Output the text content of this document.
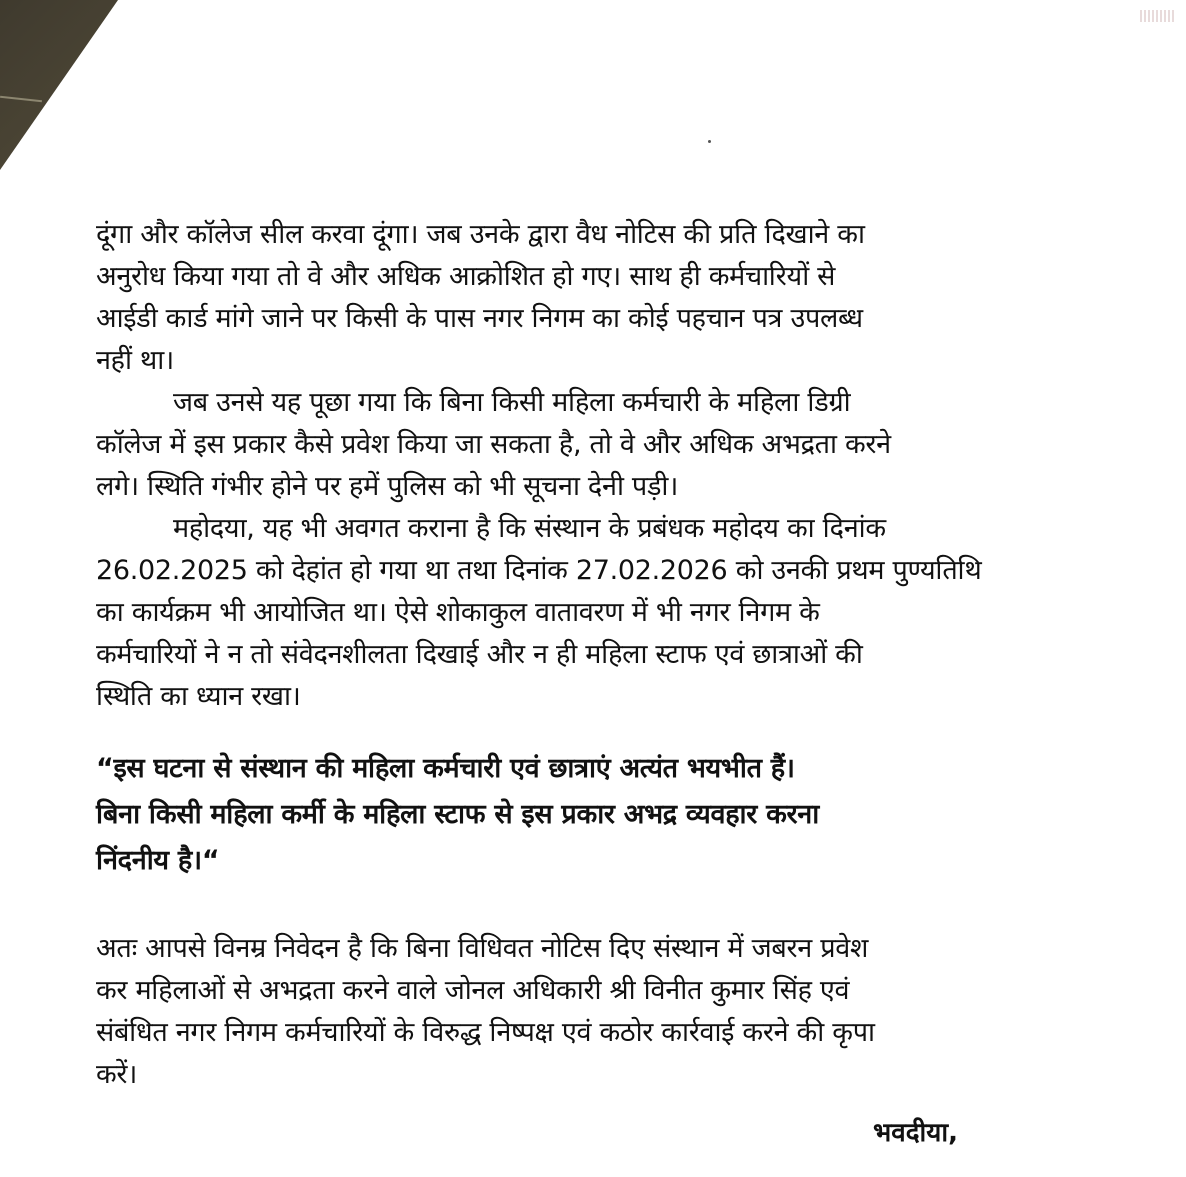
दूंगा और कॉलेज सील करवा दूंगा। जब उनके द्वारा वैध नोटिस की प्रति दिखाने का
अनुरोध किया गया तो वे और अधिक आक्रोशित हो गए। साथ ही कर्मचारियों से
आईडी कार्ड मांगे जाने पर किसी के पास नगर निगम का कोई पहचान पत्र उपलब्ध
नहीं था।

जब उनसे यह पूछा गया कि बिना किसी महिला कर्मचारी के महिला डिग्री
कॉलेज में इस प्रकार कैसे प्रवेश किया जा सकता है, तो वे और अधिक अभद्रता करने
लगे। स्थिति गंभीर होने पर हमें पुलिस को भी सूचना देनी पड़ी।

महोदया, यह भी अवगत कराना है कि संस्थान के प्रबंधक महोदय का दिनांक
26.02.2025 को देहांत हो गया था तथा दिनांक 27.02.2026 को उनकी प्रथम पुण्यतिथि
का कार्यक्रम भी आयोजित था। ऐसे शोकाकुल वातावरण में भी नगर निगम के
कर्मचारियों ने न तो संवेदनशीलता दिखाई और न ही महिला स्टाफ एवं छात्राओं की
स्थिति का ध्यान रखा।

“इस घटना से संस्थान की महिला कर्मचारी एवं छात्राएं अत्यंत भयभीत हैं।
बिना किसी महिला कर्मी के महिला स्टाफ से इस प्रकार अभद्र व्यवहार करना
निंदनीय है।“

अतः आपसे विनम्र निवेदन है कि बिना विधिवत नोटिस दिए संस्थान में जबरन प्रवेश
कर महिलाओं से अभद्रता करने वाले जोनल अधिकारी श्री विनीत कुमार सिंह एवं
संबंधित नगर निगम कर्मचारियों के विरुद्ध निष्पक्ष एवं कठोर कार्रवाई करने की कृपा
करें।

भवदीया,
